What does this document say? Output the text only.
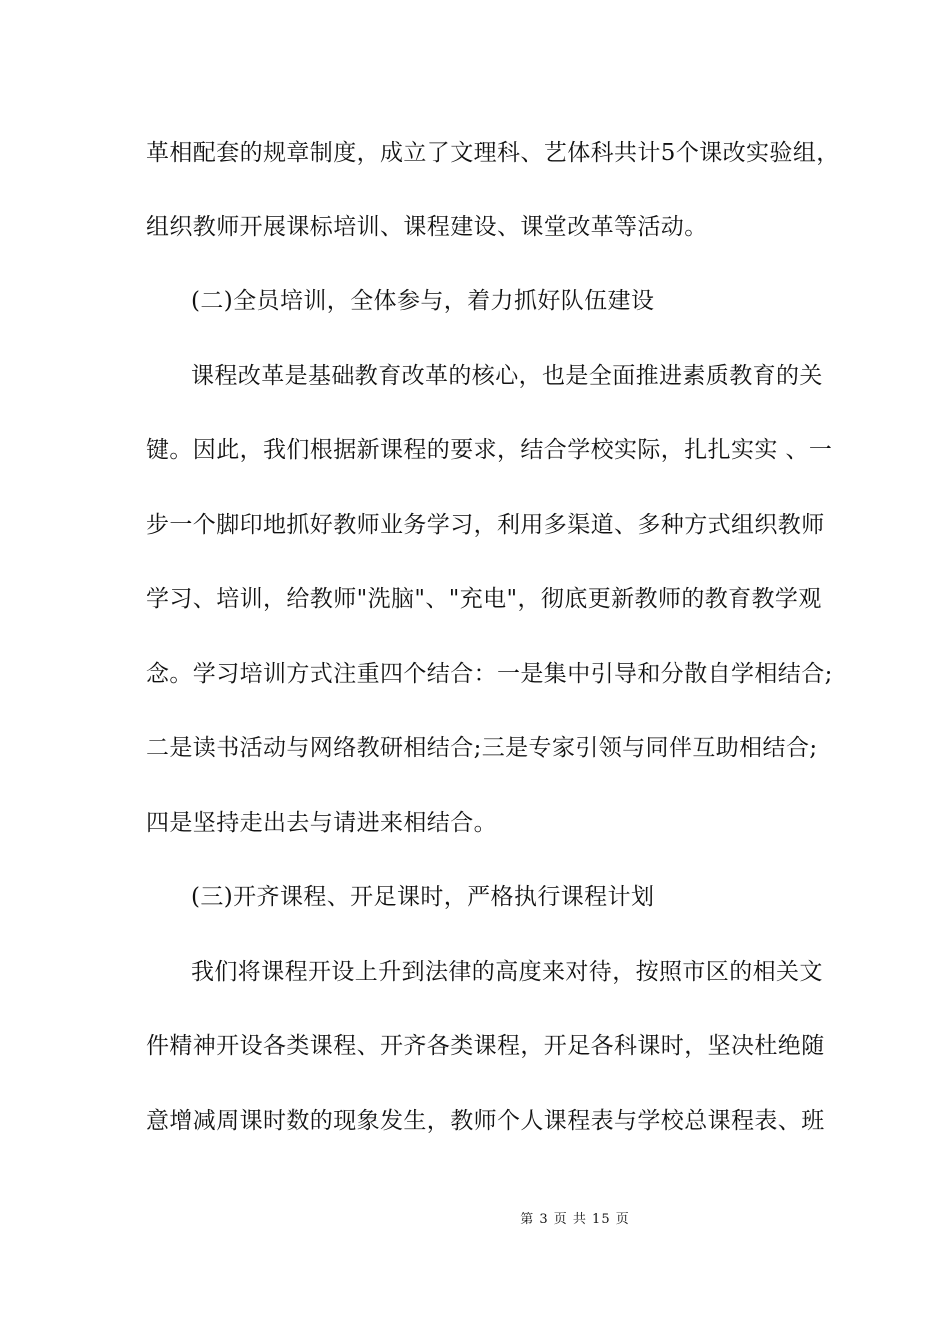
革相配套的规章制度，成立了文理科、艺体科共计5个课改实验组，
组织教师开展课标培训、课程建设、课堂改革等活动。
(二)全员培训，全体参与，着力抓好队伍建设
课程改革是基础教育改革的核心，也是全面推进素质教育的关
键。因此，我们根据新课程的要求，结合学校实际，扎扎实实 、一
步一个脚印地抓好教师业务学习，利用多渠道、多种方式组织教师
学习、培训，给教师"洗脑"、"充电"，彻底更新教师的教育教学观
念。学习培训方式注重四个结合：一是集中引导和分散自学相结合;
二是读书活动与网络教研相结合;三是专家引领与同伴互助相结合;
四是坚持走出去与请进来相结合。
(三)开齐课程、开足课时，严格执行课程计划
我们将课程开设上升到法律的高度来对待，按照市区的相关文
件精神开设各类课程、开齐各类课程，开足各科课时，坚决杜绝随
意增减周课时数的现象发生，教师个人课程表与学校总课程表、班
第 3 页 共 15 页
